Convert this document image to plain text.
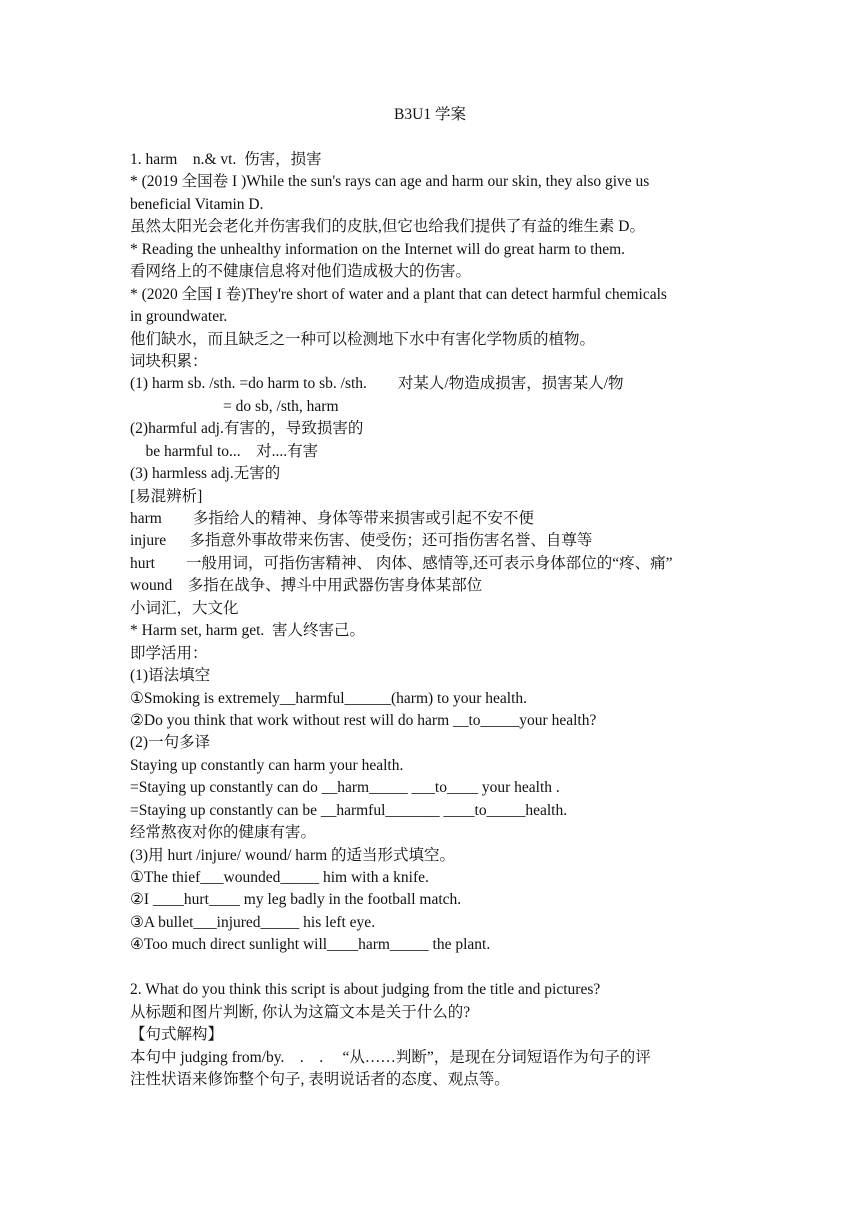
B3U1 学案
1. harm    n.& vt.  伤害，损害
* (2019 全国卷 I )While the sun's rays can age and harm our skin, they also give us
beneficial Vitamin D.
虽然太阳光会老化并伤害我们的皮肤,但它也给我们提供了有益的维生素 D。
* Reading the unhealthy information on the Internet will do great harm to them.
看网络上的不健康信息将对他们造成极大的伤害。
* (2020 全国 I 卷)They're short of water and a plant that can detect harmful chemicals
in groundwater.
他们缺水，而且缺乏之一种可以检测地下水中有害化学物质的植物。
词块积累：
(1) harm sb. /sth. =do harm to sb. /sth.        对某人/物造成损害，损害某人/物
= do sb, /sth, harm
(2)harmful adj.有害的，导致损害的
be harmful to...    对....有害
(3) harmless adj.无害的
[易混辨析]
harm        多指给人的精神、身体等带来损害或引起不安不便
injure      多指意外事故带来伤害、使受伤；还可指伤害名誉、自尊等
hurt        一般用词，可指伤害精神、 肉体、感情等,还可表示身体部位的“疼、痛”
wound    多指在战争、搏斗中用武器伤害身体某部位
小词汇，大文化
* Harm set, harm get.  害人终害己。
即学活用：
(1)语法填空
①Smoking is extremely__harmful______(harm) to your health.
②Do you think that work without rest will do harm __to_____your health?
(2)一句多译
Staying up constantly can harm your health.
=Staying up constantly can do __harm_____ ___to____ your health .
=Staying up constantly can be __harmful_______ ____to_____health.
经常熬夜对你的健康有害。
(3)用 hurt /injure/ wound/ harm 的适当形式填空。
①The thief___wounded_____ him with a knife.
②I ____hurt____ my leg badly in the football match.
③A bullet___injured_____ his left eye.
④Too much direct sunlight will____harm_____ the plant.
2. What do you think this script is about judging from the title and pictures?
从标题和图片判断, 你认为这篇文本是关于什么的?
【句式解构】
本句中 judging from/by.    .    .     “从……判断”，是现在分词短语作为句子的评
注性状语来修饰整个句子, 表明说话者的态度、观点等。
